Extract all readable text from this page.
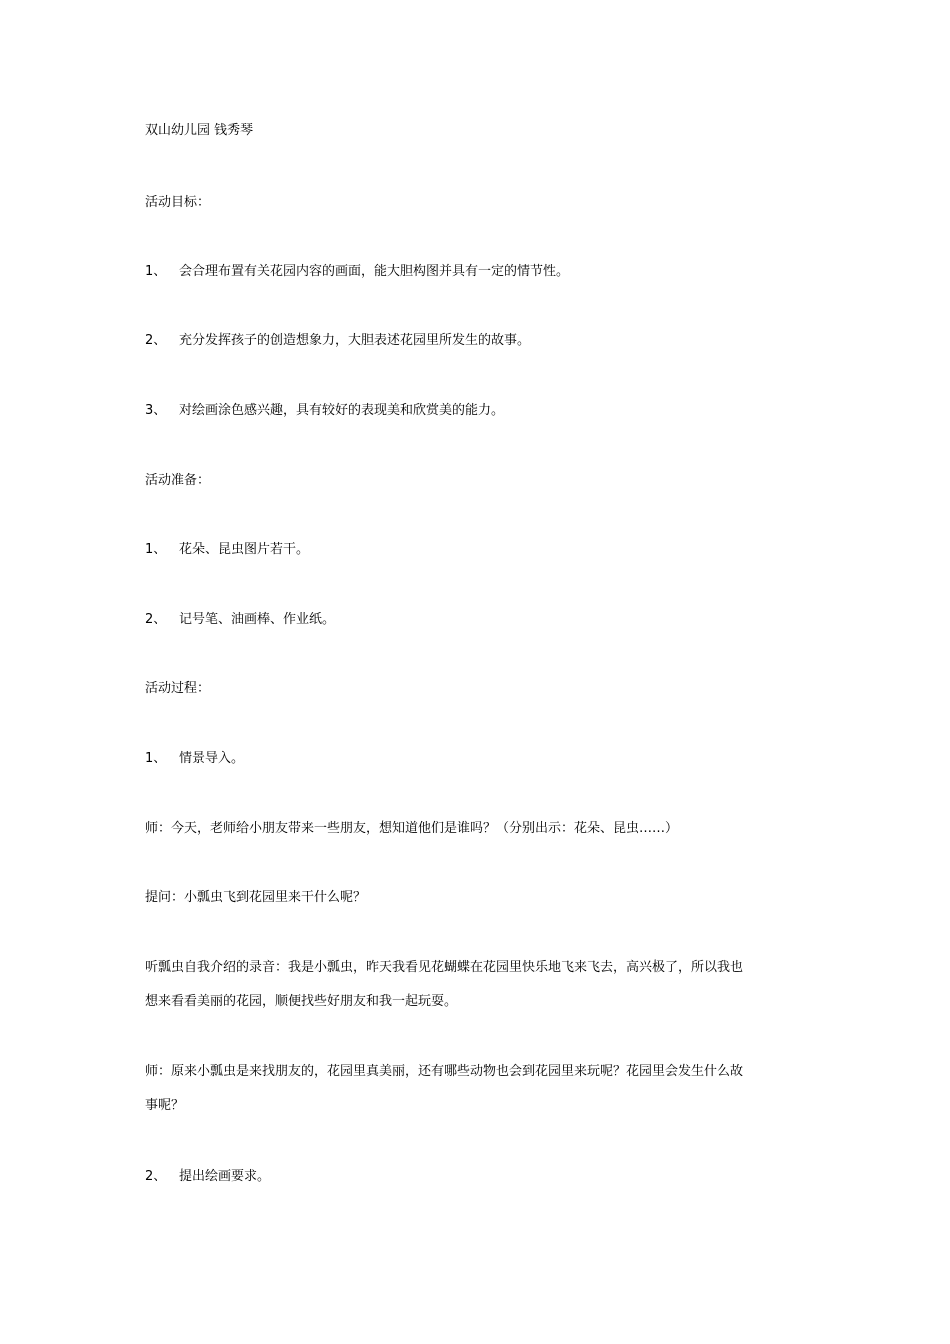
双山幼儿园 钱秀琴
活动目标：
1、 会合理布置有关花园内容的画面，能大胆构图并具有一定的情节性。
2、 充分发挥孩子的创造想象力，大胆表述花园里所发生的故事。
3、 对绘画涂色感兴趣，具有较好的表现美和欣赏美的能力。
活动准备：
1、 花朵、昆虫图片若干。
2、 记号笔、油画棒、作业纸。
活动过程：
1、 情景导入。
师：今天，老师给小朋友带来一些朋友，想知道他们是谁吗？（分别出示：花朵、昆虫……）
提问：小瓢虫飞到花园里来干什么呢？
听瓢虫自我介绍的录音：我是小瓢虫，昨天我看见花蝴蝶在花园里快乐地飞来飞去，高兴极了，所以我也
想来看看美丽的花园，顺便找些好朋友和我一起玩耍。
师：原来小瓢虫是来找朋友的，花园里真美丽，还有哪些动物也会到花园里来玩呢？花园里会发生什么故
事呢？
2、 提出绘画要求。
